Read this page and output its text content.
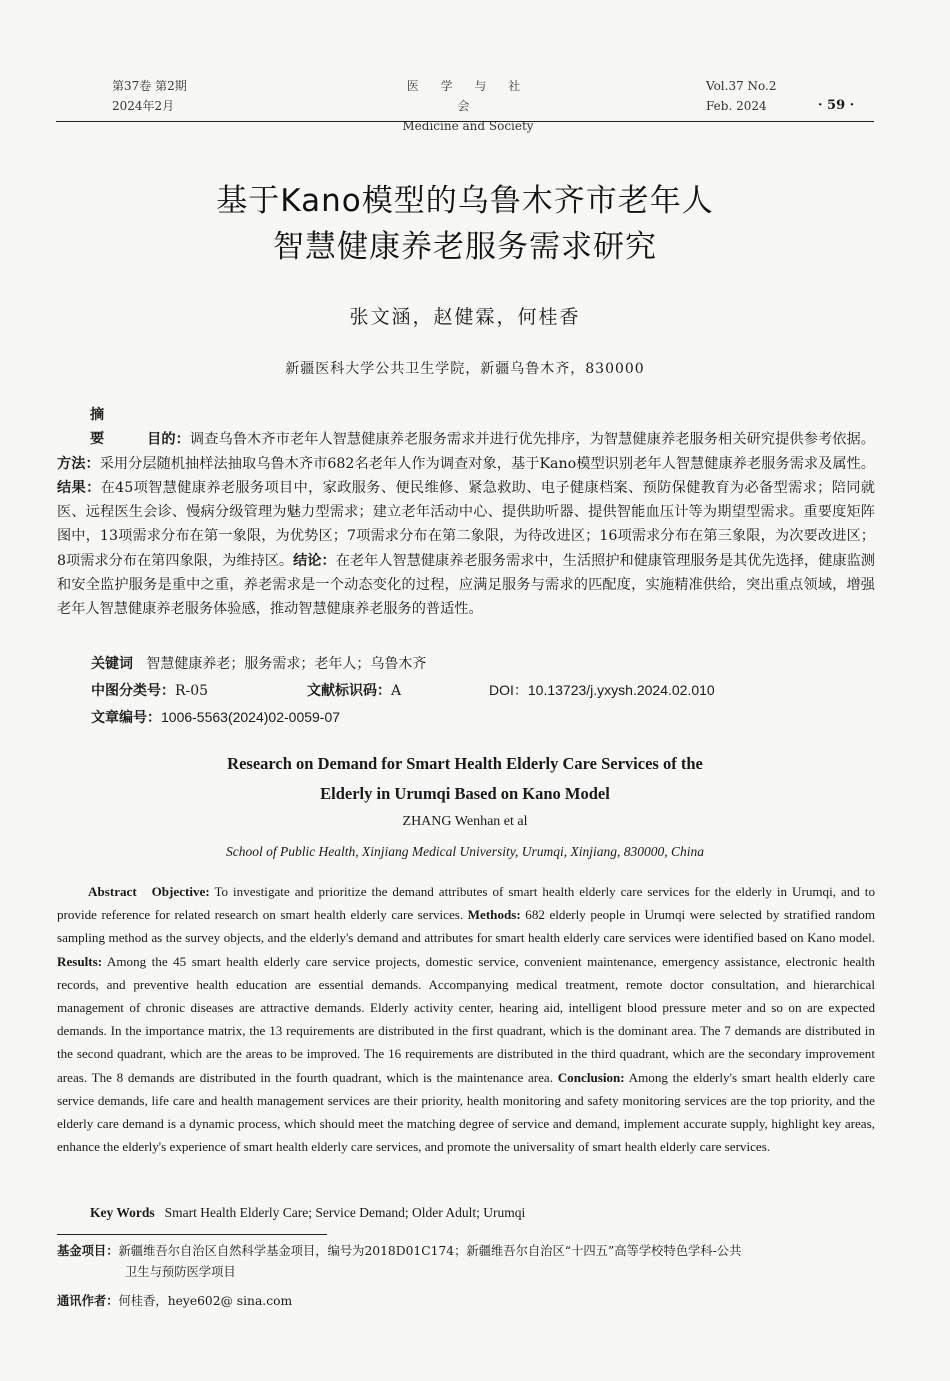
第37卷 第2期
2024年2月
医 学 与 社 会
Medicine and Society
Vol.37 No.2
Feb. 2024	· 59 ·
基于Kano模型的乌鲁木齐市老年人
智慧健康养老服务需求研究
张文涵，赵健霖，何桂香
新疆医科大学公共卫生学院，新疆乌鲁木齐，830000
摘 要 目的：调查乌鲁木齐市老年人智慧健康养老服务需求并进行优先排序，为智慧健康养老服务相关研究提供参考依据。方法：采用分层随机抽样法抽取乌鲁木齐市682名老年人作为调查对象，基于Kano模型识别老年人智慧健康养老服务需求及属性。结果：在45项智慧健康养老服务项目中，家政服务、便民维修、紧急救助、电子健康档案、预防保健教育为必备型需求；陪同就医、远程医生会诊、慢病分级管理为魅力型需求；建立老年活动中心、提供助听器、提供智能血压计等为期望型需求。重要度矩阵图中，13项需求分布在第一象限，为优势区；7项需求分布在第二象限，为待改进区；16项需求分布在第三象限，为次要改进区；8项需求分布在第四象限，为维持区。结论：在老年人智慧健康养老服务需求中，生活照护和健康管理服务是其优先选择，健康监测和安全监护服务是重中之重，养老需求是一个动态变化的过程，应满足服务与需求的匹配度，实施精准供给，突出重点领域，增强老年人智慧健康养老服务体验感，推动智慧健康养老服务的普适性。
关键词 智慧健康养老；服务需求；老年人；乌鲁木齐
中图分类号：R-05	文献标识码：A	DOI：10.13723/j.yxysh.2024.02.010
文章编号：1006-5563(2024)02-0059-07
Research on Demand for Smart Health Elderly Care Services of the
Elderly in Urumqi Based on Kano Model
ZHANG Wenhan et al
School of Public Health, Xinjiang Medical University, Urumqi, Xinjiang, 830000, China
Abstract Objective: To investigate and prioritize the demand attributes of smart health elderly care services for the elderly in Urumqi, and to provide reference for related research on smart health elderly care services. Methods: 682 elderly people in Urumqi were selected by stratified random sampling method as the survey objects, and the elderly's demand and attributes for smart health elderly care services were identified based on Kano model. Results: Among the 45 smart health elderly care service projects, domestic service, convenient maintenance, emergency assistance, electronic health records, and preventive health education are essential demands. Accompanying medical treatment, remote doctor consultation, and hierarchical management of chronic diseases are attractive demands. Elderly activity center, hearing aid, intelligent blood pressure meter and so on are expected demands. In the importance matrix, the 13 requirements are distributed in the first quadrant, which is the dominant area. The 7 demands are distributed in the second quadrant, which are the areas to be improved. The 16 requirements are distributed in the third quadrant, which are the secondary improvement areas. The 8 demands are distributed in the fourth quadrant, which is the maintenance area. Conclusion: Among the elderly's smart health elderly care service demands, life care and health management services are their priority, health monitoring and safety monitoring services are the top priority, and the elderly care demand is a dynamic process, which should meet the matching degree of service and demand, implement accurate supply, highlight key areas, enhance the elderly's experience of smart health elderly care services, and promote the universality of smart health elderly care services.
Key Words Smart Health Elderly Care; Service Demand; Older Adult; Urumqi
基金项目：新疆维吾尔自治区自然科学基金项目，编号为2018D01C174；新疆维吾尔自治区“十四五”高等学校特色学科-公共
卫生与预防医学项目
通讯作者：何桂香，heye602@ sina.com
